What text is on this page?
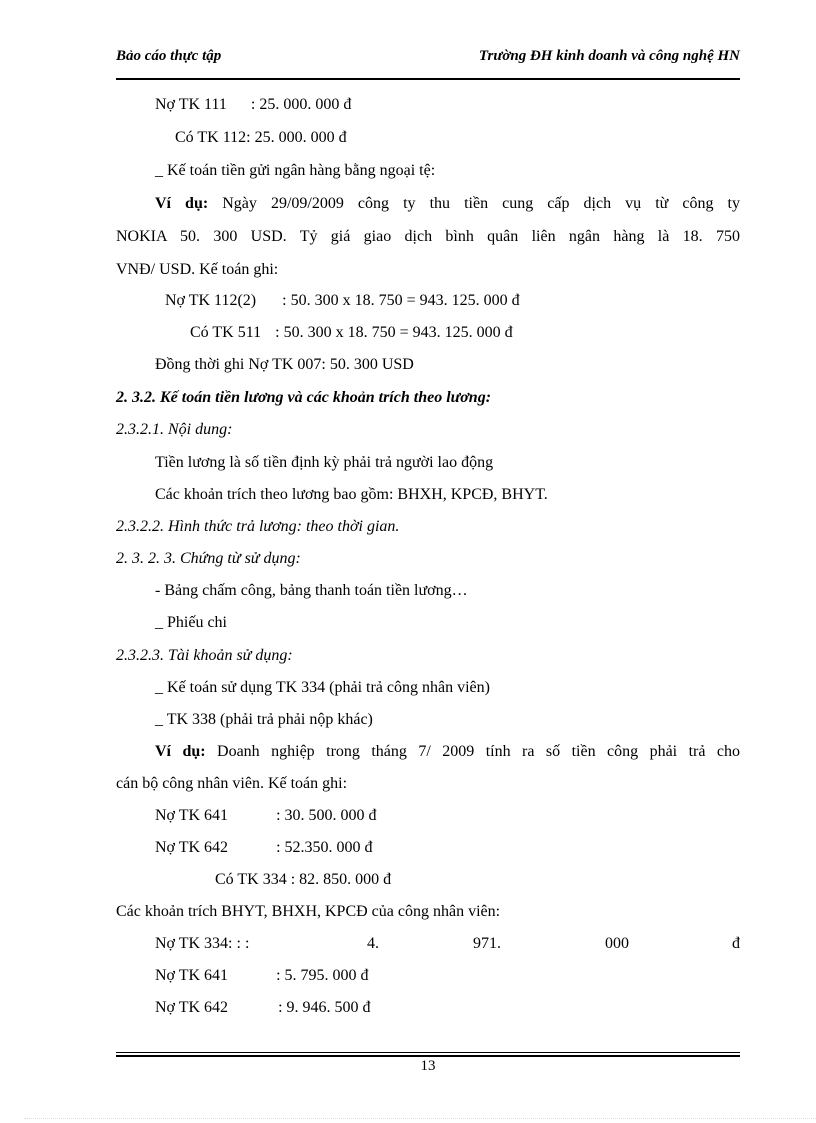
Bảo cáo thực tập	Trường ĐH kinh doanh và công nghệ HN
Nợ TK 111 : 25. 000. 000 đ
Có TK 112: 25. 000. 000 đ
_ Kế toán tiền gửi ngân hàng bằng ngoại tệ:
Ví dụ: Ngày 29/09/2009 công ty thu tiền cung cấp dịch vụ từ công ty
NOKIA 50. 300 USD. Tỷ giá giao dịch bình quân liên ngân hàng là 18. 750
VNĐ/ USD. Kế toán ghi:
Nợ TK 112(2) : 50. 300 x 18. 750 = 943. 125. 000 đ
Có TK 511 : 50. 300 x 18. 750 = 943. 125. 000 đ
Đồng thời ghi Nợ TK 007: 50. 300 USD
2. 3.2. Kế toán tiền lương và các khoản trích theo lương:
2.3.2.1. Nội dung:
Tiền lương là số tiền định kỳ phải trả người lao động
Các khoản trích theo lương bao gồm: BHXH, KPCĐ, BHYT.
2.3.2.2. Hình thức trả lương: theo thời gian.
2. 3. 2. 3. Chứng từ sử dụng:
- Bảng chấm công, bảng thanh toán tiền lương…
_ Phiếu chi
2.3.2.3. Tài khoản sử dụng:
_ Kế toán sử dụng TK 334 (phải trả công nhân viên)
_ TK 338 (phải trả phải nộp khác)
Ví dụ: Doanh nghiệp trong tháng 7/ 2009 tính ra số tiền công phải trả cho
cán bộ công nhân viên. Kế toán ghi:
Nợ TK 641	: 30. 500. 000 đ
Nợ TK 642	: 52.350. 000 đ
Có TK 334 : 82. 850. 000 đ
Các khoản trích BHYT, BHXH, KPCĐ của công nhân viên:
Nợ TK 334: : :	4.	971.	000	đ
Nợ TK 641	: 5. 795. 000 đ
Nợ TK 642	: 9. 946. 500 đ
13
